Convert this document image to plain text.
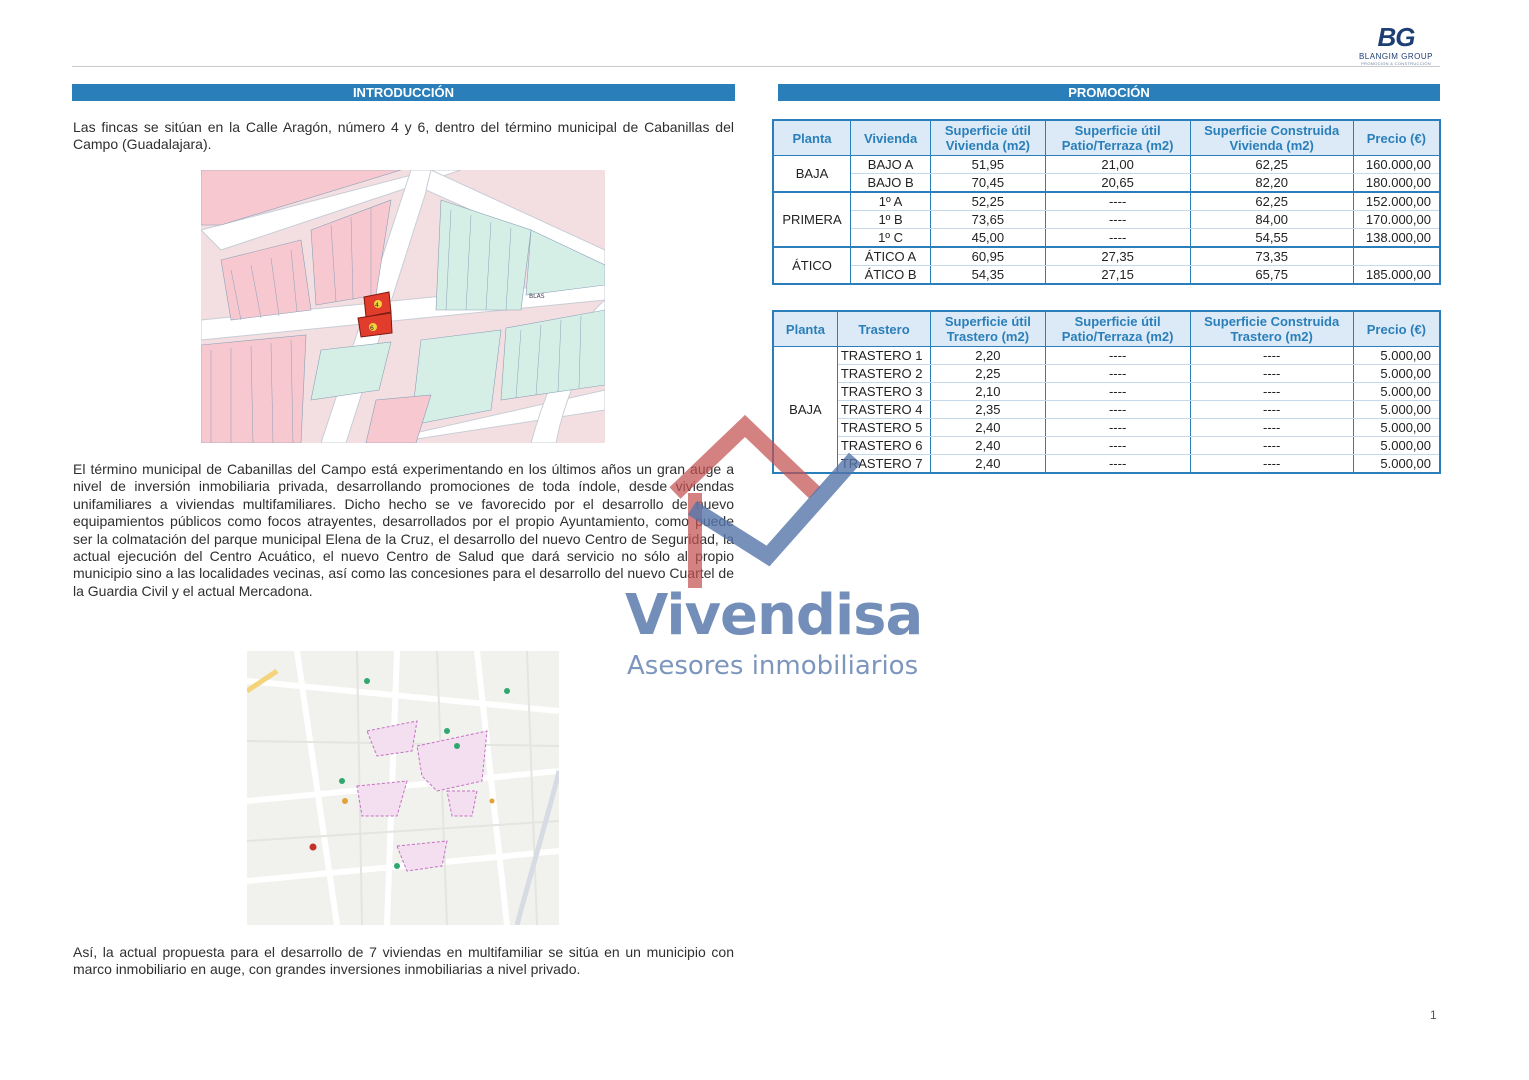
BG
BLANGIM GROUP
PROMOCIÓN & CONSTRUCCIÓN
INTRODUCCIÓN	PROMOCIÓN
Las fincas se sitúan en la Calle Aragón, número 4 y 6, dentro del término municipal de Cabanillas del Campo (Guadalajara).
4
6
BLAS
El término municipal de Cabanillas del Campo está experimentando en los últimos años un gran auge a nivel de inversión inmobiliaria privada, desarrollando promociones de toda índole, desde viviendas unifamiliares a viviendas multifamiliares. Dicho hecho se ve favorecido por el desarrollo de nuevo equipamientos públicos como focos atrayentes, desarrollados por el propio Ayuntamiento, como puede ser la colmatación del parque municipal Elena de la Cruz, el desarrollo del nuevo Centro de Seguridad, la actual ejecución del Centro Acuático, el nuevo Centro de Salud que dará servicio no sólo al propio municipio sino a las localidades vecinas, así como las concesiones para el desarrollo del nuevo Cuartel de la Guardia Civil y el actual Mercadona.
Así, la actual propuesta para el desarrollo de 7 viviendas en multifamiliar se sitúa en un municipio con marco inmobiliario en auge, con grandes inversiones inmobiliarias a nivel privado.
Planta	Vivienda	Superficie útil Vivienda (m2)	Superficie útil Patio/Terraza (m2)	Superficie Construida Vivienda (m2)	Precio (€)
BAJA	BAJO A	51,95	21,00	62,25	160.000,00
	BAJO B	70,45	20,65	82,20	180.000,00
PRIMERA	1º A	52,25	----	62,25	152.000,00
	1º B	73,65	----	84,00	170.000,00
	1º C	45,00	----	54,55	138.000,00
ÁTICO	ÁTICO A	60,95	27,35	73,35	
	ÁTICO B	54,35	27,15	65,75	185.000,00
Planta	Trastero	Superficie útil Trastero (m2)	Superficie útil Patio/Terraza (m2)	Superficie Construida Trastero (m2)	Precio (€)
BAJA	TRASTERO 1	2,20	----	----	5.000,00
	TRASTERO 2	2,25	----	----	5.000,00
	TRASTERO 3	2,10	----	----	5.000,00
	TRASTERO 4	2,35	----	----	5.000,00
	TRASTERO 5	2,40	----	----	5.000,00
	TRASTERO 6	2,40	----	----	5.000,00
	TRASTERO 7	2,40	----	----	5.000,00
Vivendisa
Asesores inmobiliarios
1
